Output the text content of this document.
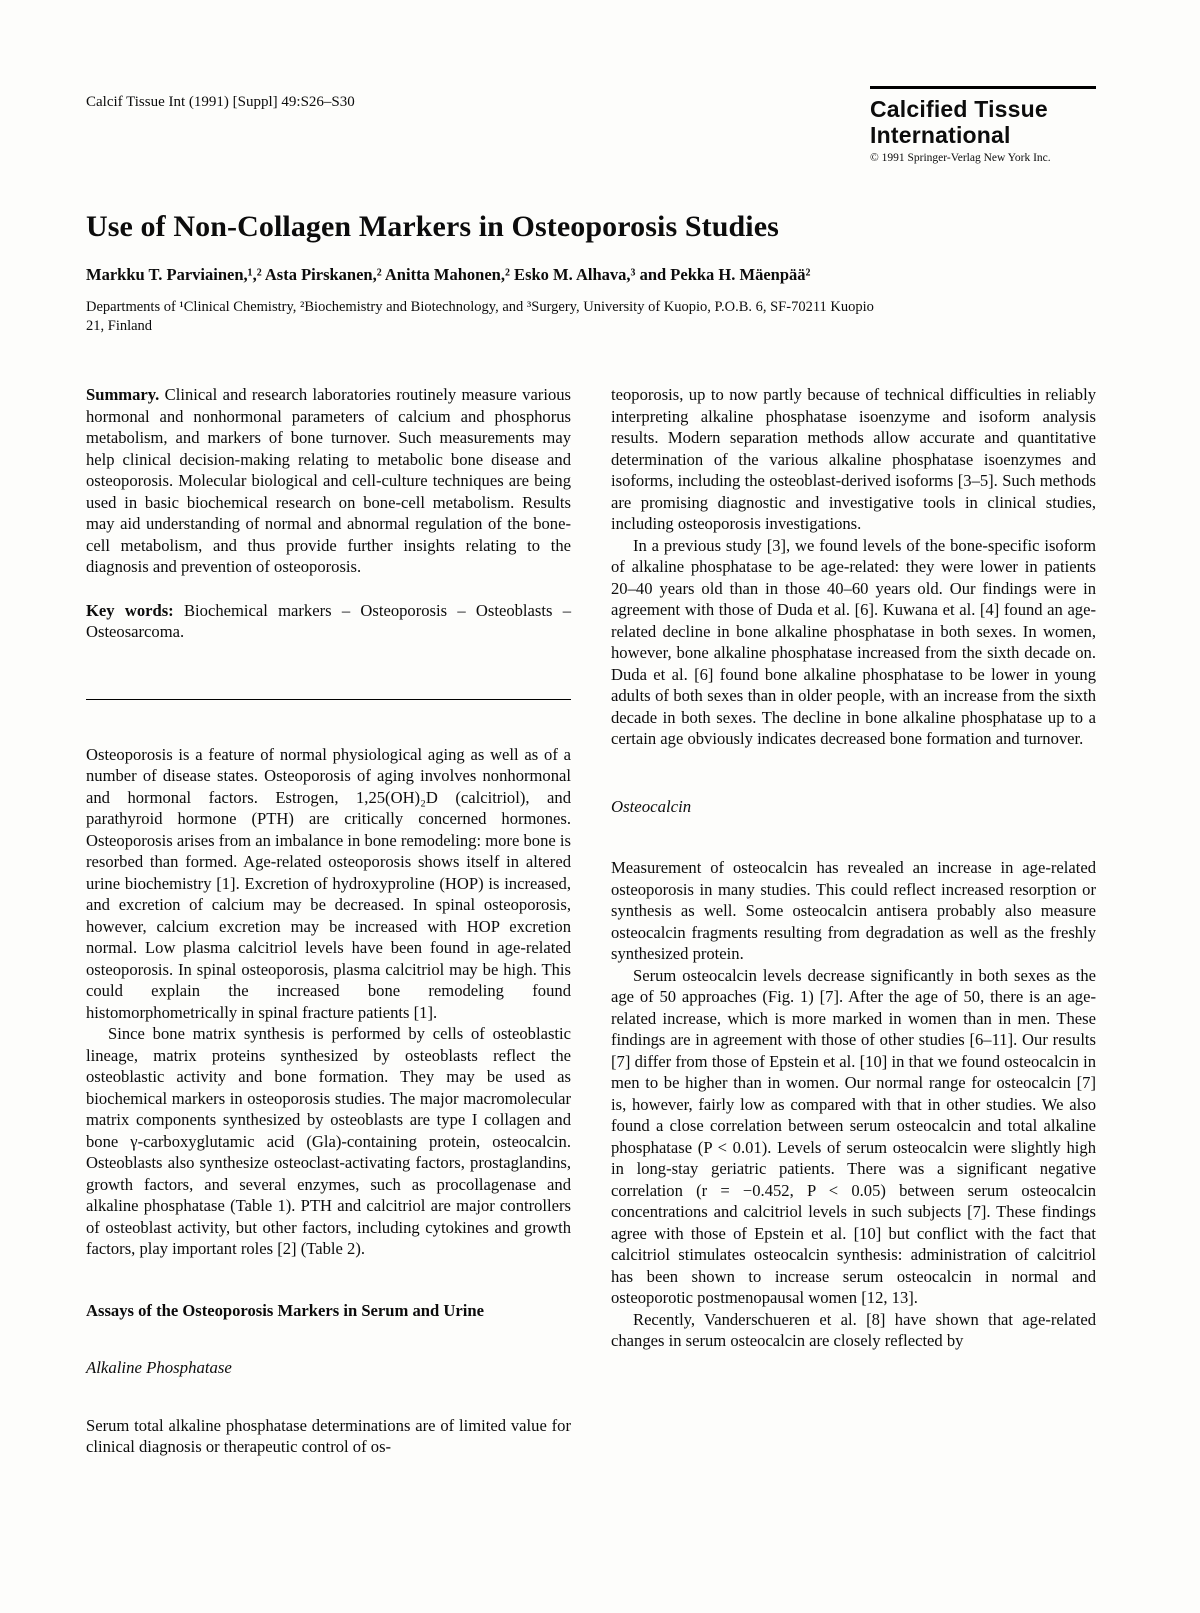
Calcif Tissue Int (1991) [Suppl] 49:S26–S30	Calcified Tissue
International
© 1991 Springer-Verlag New York Inc.
Use of Non-Collagen Markers in Osteoporosis Studies
Markku T. Parviainen,¹,² Asta Pirskanen,² Anitta Mahonen,² Esko M. Alhava,³ and Pekka H. Mäenpää²
Departments of ¹Clinical Chemistry, ²Biochemistry and Biotechnology, and ³Surgery, University of Kuopio, P.O.B. 6, SF-70211 Kuopio
21, Finland

Summary. Clinical and research laboratories routinely measure various hormonal and nonhormonal parameters of calcium and phosphorus metabolism, and markers of bone turnover. Such measurements may help clinical decision-making relating to metabolic bone disease and osteoporosis. Molecular biological and cell-culture techniques are being used in basic biochemical research on bone-cell metabolism. Results may aid understanding of normal and abnormal regulation of the bone-cell metabolism, and thus provide further insights relating to the diagnosis and prevention of osteoporosis.

Key words: Biochemical markers – Osteoporosis – Osteoblasts – Osteosarcoma.

Osteoporosis is a feature of normal physiological aging as well as of a number of disease states. Osteoporosis of aging involves nonhormonal and hormonal factors. Estrogen, 1,25(OH)₂D (calcitriol), and parathyroid hormone (PTH) are critically concerned hormones. Osteoporosis arises from an imbalance in bone remodeling: more bone is resorbed than formed. Age-related osteoporosis shows itself in altered urine biochemistry [1]. Excretion of hydroxyproline (HOP) is increased, and excretion of calcium may be decreased. In spinal osteoporosis, however, calcium excretion may be increased with HOP excretion normal. Low plasma calcitriol levels have been found in age-related osteoporosis. In spinal osteoporosis, plasma calcitriol may be high. This could explain the increased bone remodeling found histomorphometrically in spinal fracture patients [1].

Since bone matrix synthesis is performed by cells of osteoblastic lineage, matrix proteins synthesized by osteoblasts reflect the osteoblastic activity and bone formation. They may be used as biochemical markers in osteoporosis studies. The major macromolecular matrix components synthesized by osteoblasts are type I collagen and bone γ-carboxyglutamic acid (Gla)-containing protein, osteocalcin. Osteoblasts also synthesize osteoclast-activating factors, prostaglandins, growth factors, and several enzymes, such as procollagenase and alkaline phosphatase (Table 1). PTH and calcitriol are major controllers of osteoblast activity, but other factors, including cytokines and growth factors, play important roles [2] (Table 2).

Assays of the Osteoporosis Markers in Serum and Urine
Alkaline Phosphatase

Serum total alkaline phosphatase determinations are of limited value for clinical diagnosis or therapeutic control of os-

teoporosis, up to now partly because of technical difficulties in reliably interpreting alkaline phosphatase isoenzyme and isoform analysis results. Modern separation methods allow accurate and quantitative determination of the various alkaline phosphatase isoenzymes and isoforms, including the osteoblast-derived isoforms [3–5]. Such methods are promising diagnostic and investigative tools in clinical studies, including osteoporosis investigations.

In a previous study [3], we found levels of the bone-specific isoform of alkaline phosphatase to be age-related: they were lower in patients 20–40 years old than in those 40–60 years old. Our findings were in agreement with those of Duda et al. [6]. Kuwana et al. [4] found an age-related decline in bone alkaline phosphatase in both sexes. In women, however, bone alkaline phosphatase increased from the sixth decade on. Duda et al. [6] found bone alkaline phosphatase to be lower in young adults of both sexes than in older people, with an increase from the sixth decade in both sexes. The decline in bone alkaline phosphatase up to a certain age obviously indicates decreased bone formation and turnover.

Osteocalcin

Measurement of osteocalcin has revealed an increase in age-related osteoporosis in many studies. This could reflect increased resorption or synthesis as well. Some osteocalcin antisera probably also measure osteocalcin fragments resulting from degradation as well as the freshly synthesized protein.

Serum osteocalcin levels decrease significantly in both sexes as the age of 50 approaches (Fig. 1) [7]. After the age of 50, there is an age-related increase, which is more marked in women than in men. These findings are in agreement with those of other studies [6–11]. Our results [7] differ from those of Epstein et al. [10] in that we found osteocalcin in men to be higher than in women. Our normal range for osteocalcin [7] is, however, fairly low as compared with that in other studies. We also found a close correlation between serum osteocalcin and total alkaline phosphatase (P < 0.01). Levels of serum osteocalcin were slightly high in long-stay geriatric patients. There was a significant negative correlation (r = −0.452, P < 0.05) between serum osteocalcin concentrations and calcitriol levels in such subjects [7]. These findings agree with those of Epstein et al. [10] but conflict with the fact that calcitriol stimulates osteocalcin synthesis: administration of calcitriol has been shown to increase serum osteocalcin in normal and osteoporotic postmenopausal women [12, 13].

Recently, Vanderschueren et al. [8] have shown that age-related changes in serum osteocalcin are closely reflected by
